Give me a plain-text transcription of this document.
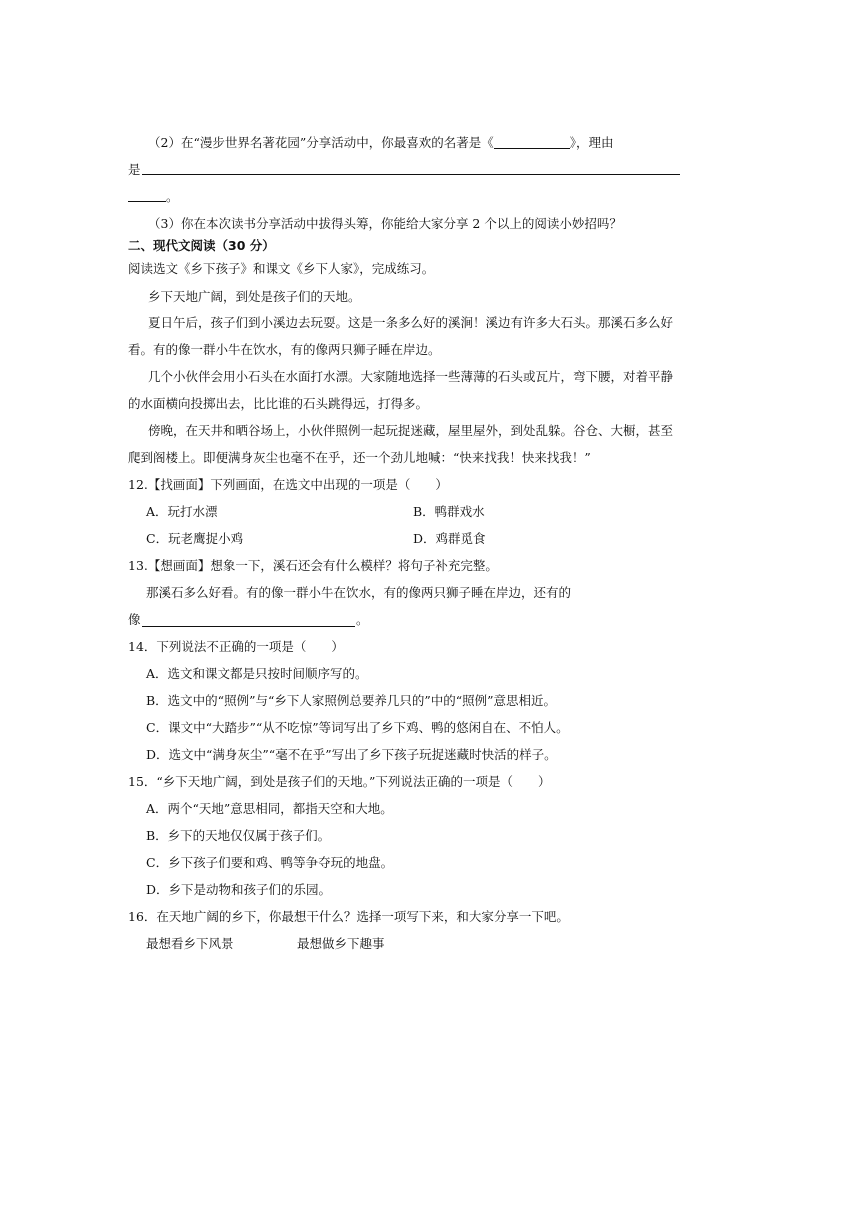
（2）在“漫步世界名著花园”分享活动中，你最喜欢的名著是《	》，理由
是
。
（3）你在本次读书分享活动中拔得头筹，你能给大家分享 2 个以上的阅读小妙招吗？
二、现代文阅读（30 分）
阅读选文《乡下孩子》和课文《乡下人家》，完成练习。
乡下天地广阔，到处是孩子们的天地。
夏日午后，孩子们到小溪边去玩耍。这是一条多么好的溪涧！溪边有许多大石头。那溪石多么好
看。有的像一群小牛在饮水，有的像两只狮子睡在岸边。
几个小伙伴会用小石头在水面打水漂。大家随地选择一些薄薄的石头或瓦片，弯下腰，对着平静
的水面横向投掷出去，比比谁的石头跳得远，打得多。
傍晚，在天井和晒谷场上，小伙伴照例一起玩捉迷藏，屋里屋外，到处乱躲。谷仓、大橱，甚至
爬到阁楼上。即便满身灰尘也毫不在乎，还一个劲儿地喊：“快来找我！快来找我！”
12.【找画面】下列画面，在选文中出现的一项是（　　）
A．玩打水漂	B．鸭群戏水
C．玩老鹰捉小鸡	D．鸡群觅食
13.【想画面】想象一下，溪石还会有什么模样？将句子补充完整。
那溪石多么好看。有的像一群小牛在饮水，有的像两只狮子睡在岸边，还有的
像	。
14．下列说法不正确的一项是（　　）
A．选文和课文都是只按时间顺序写的。
B．选文中的“照例”与“乡下人家照例总要养几只的”中的“照例”意思相近。
C．课文中“大踏步”“从不吃惊”等词写出了乡下鸡、鸭的悠闲自在、不怕人。
D．选文中“满身灰尘”“毫不在乎”写出了乡下孩子玩捉迷藏时快活的样子。
15．“乡下天地广阔，到处是孩子们的天地。”下列说法正确的一项是（　　）
A．两个“天地”意思相同，都指天空和大地。
B．乡下的天地仅仅属于孩子们。
C．乡下孩子们要和鸡、鸭等争夺玩的地盘。
D．乡下是动物和孩子们的乐园。
16．在天地广阔的乡下，你最想干什么？选择一项写下来，和大家分享一下吧。
最想看乡下风景	最想做乡下趣事
